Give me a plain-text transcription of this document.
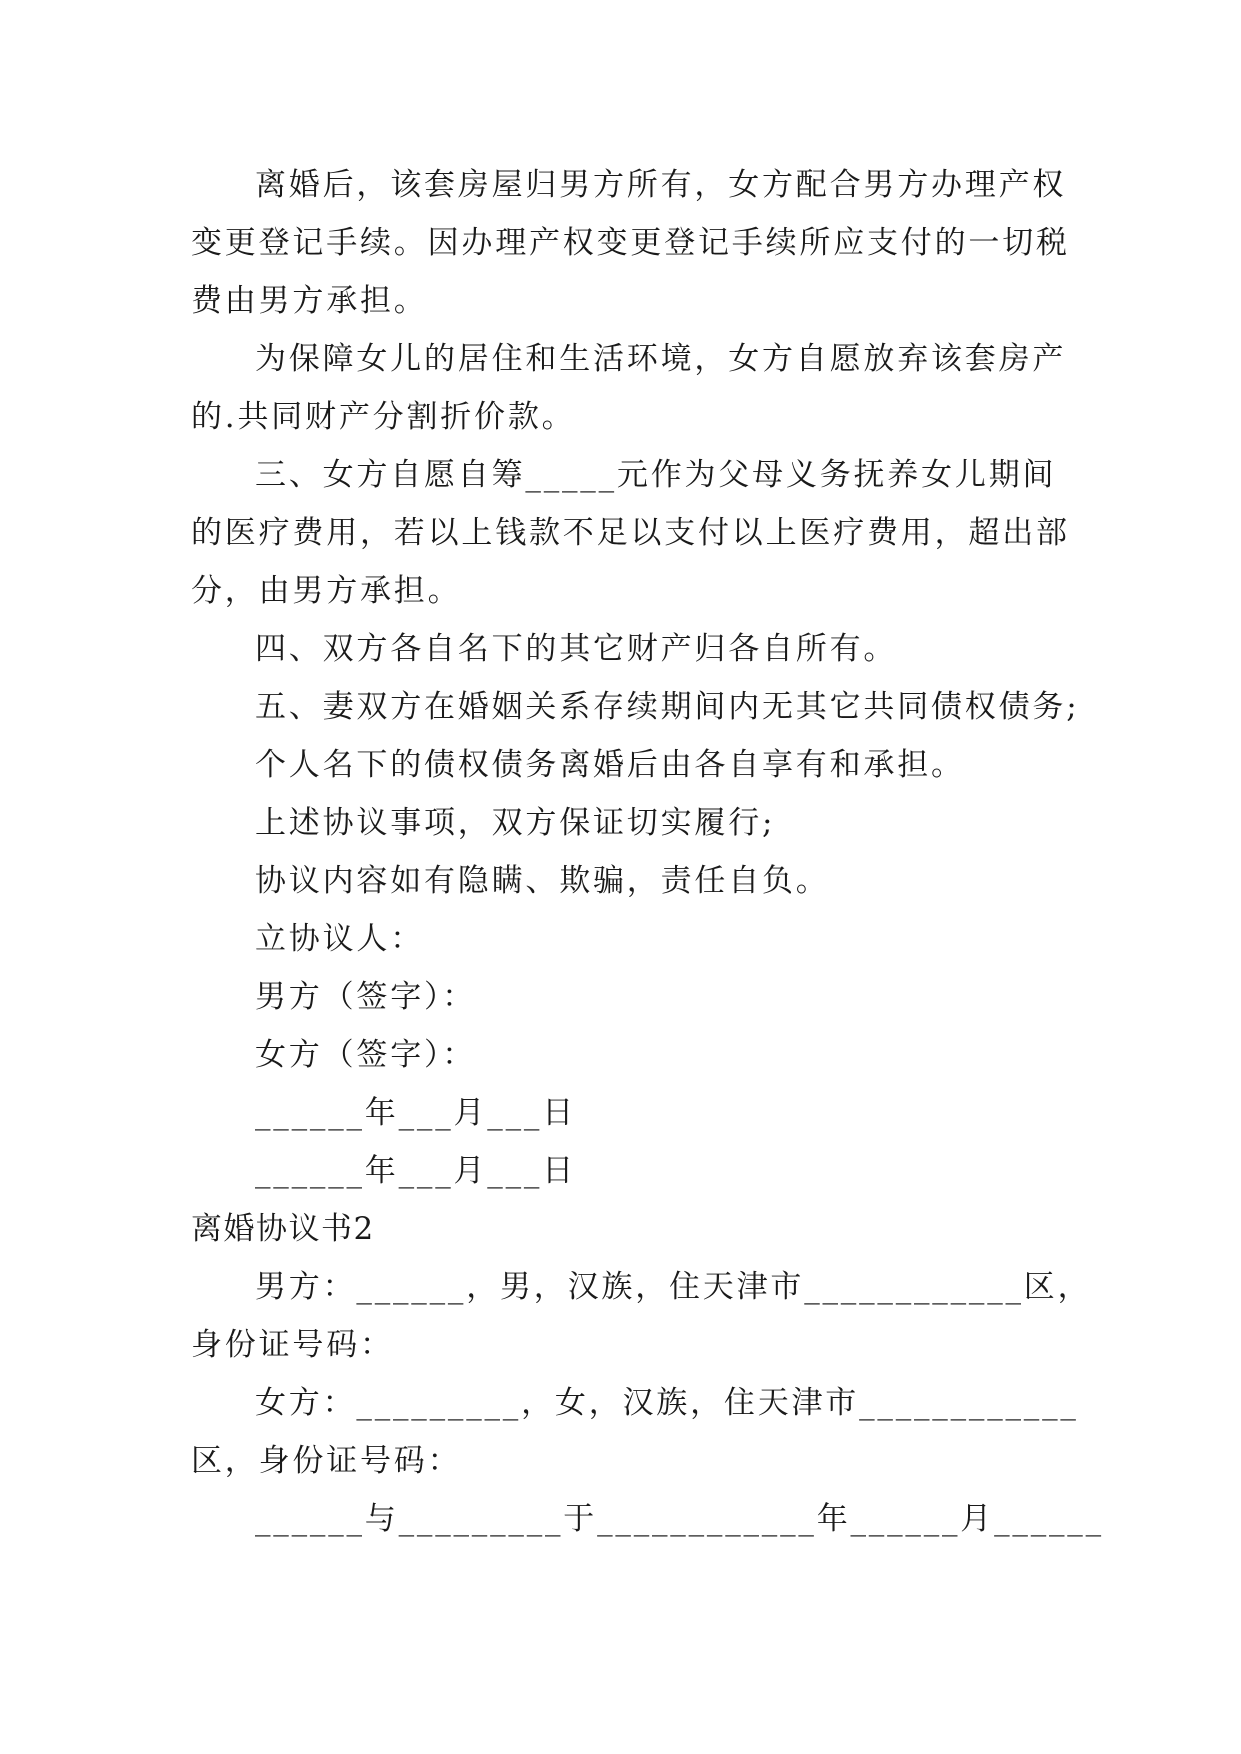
离婚后，该套房屋归男方所有，女方配合男方办理产权
变更登记手续。因办理产权变更登记手续所应支付的一切税
费由男方承担。
为保障女儿的居住和生活环境，女方自愿放弃该套房产
的.共同财产分割折价款。
三、女方自愿自筹_____元作为父母义务抚养女儿期间
的医疗费用，若以上钱款不足以支付以上医疗费用，超出部
分，由男方承担。
四、双方各自名下的其它财产归各自所有。
五、妻双方在婚姻关系存续期间内无其它共同债权债务;
个人名下的债权债务离婚后由各自享有和承担。
上述协议事项，双方保证切实履行;
协议内容如有隐瞒、欺骗，责任自负。
立协议人：
男方（签字）：
女方（签字）：
______年___月___日
______年___月___日
离婚协议书2
男方：______，男，汉族，住天津市____________区，
身份证号码：
女方：_________，女，汉族，住天津市____________
区，身份证号码：
______与_________于____________年______月______
